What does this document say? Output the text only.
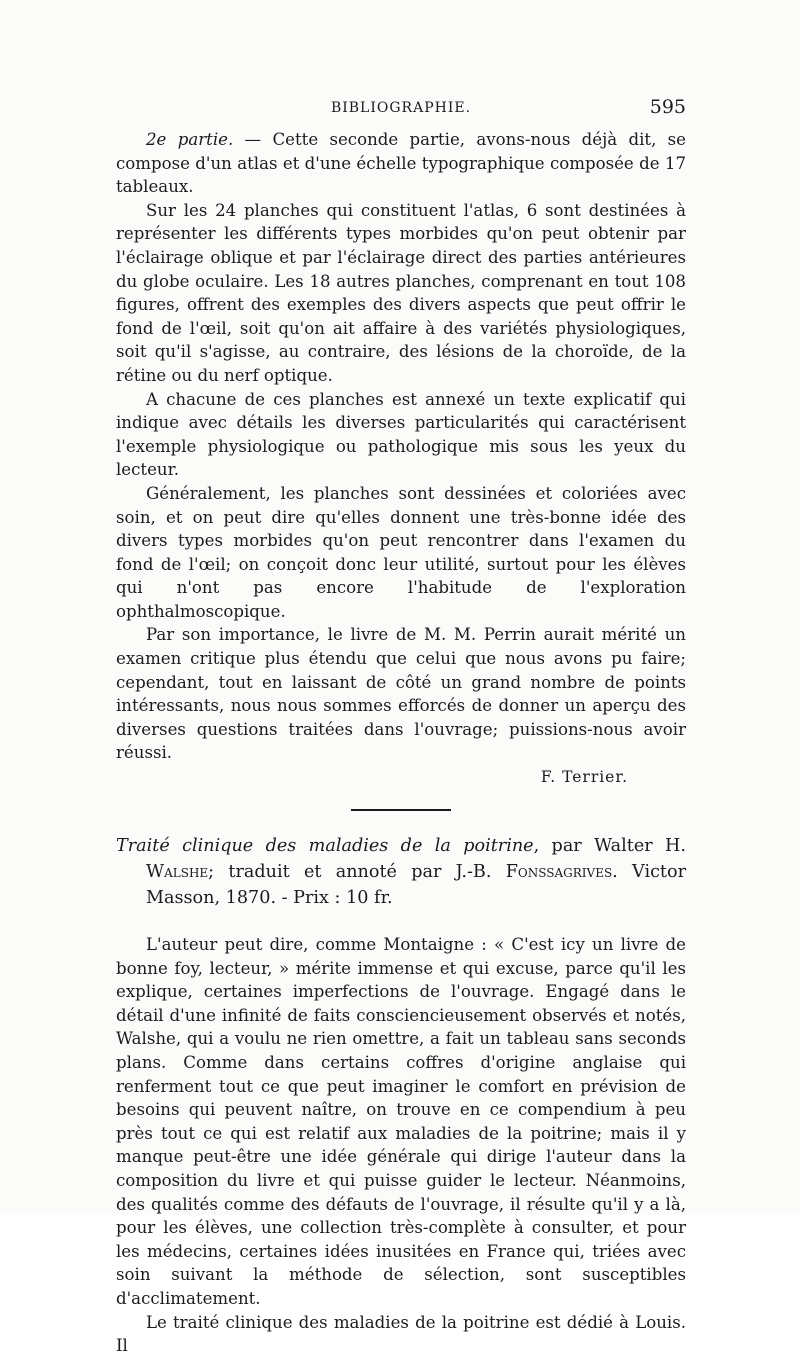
BIBLIOGRAPHIE.	595

2e partie. — Cette seconde partie, avons-nous déjà dit, se compose d'un atlas et d'une échelle typographique composée de 17 tableaux.

Sur les 24 planches qui constituent l'atlas, 6 sont destinées à représenter les différents types morbides qu'on peut obtenir par l'éclairage oblique et par l'éclairage direct des parties antérieures du globe oculaire. Les 18 autres planches, comprenant en tout 108 figures, offrent des exemples des divers aspects que peut offrir le fond de l'œil, soit qu'on ait affaire à des variétés physiologiques, soit qu'il s'agisse, au contraire, des lésions de la choroïde, de la rétine ou du nerf optique.

A chacune de ces planches est annexé un texte explicatif qui indique avec détails les diverses particularités qui caractérisent l'exemple physiologique ou pathologique mis sous les yeux du lecteur.

Généralement, les planches sont dessinées et coloriées avec soin, et on peut dire qu'elles donnent une très-bonne idée des divers types morbides qu'on peut rencontrer dans l'examen du fond de l'œil; on conçoit donc leur utilité, surtout pour les élèves qui n'ont pas encore l'habitude de l'exploration ophthalmoscopique.

Par son importance, le livre de M. M. Perrin aurait mérité un examen critique plus étendu que celui que nous avons pu faire; cependant, tout en laissant de côté un grand nombre de points intéressants, nous nous sommes efforcés de donner un aperçu des diverses questions traitées dans l'ouvrage; puissions-nous avoir réussi.

F. Terrier.

Traité clinique des maladies de la poitrine, par Walter H. Walshe; traduit et annoté par J.-B. Fonssagrives. Victor Masson, 1870. - Prix : 10 fr.

L'auteur peut dire, comme Montaigne : « C'est icy un livre de bonne foy, lecteur, » mérite immense et qui excuse, parce qu'il les explique, certaines imperfections de l'ouvrage. Engagé dans le détail d'une infinité de faits consciencieusement observés et notés, Walshe, qui a voulu ne rien omettre, a fait un tableau sans seconds plans. Comme dans certains coffres d'origine anglaise qui renferment tout ce que peut imaginer le comfort en prévision de besoins qui peuvent naître, on trouve en ce compendium à peu près tout ce qui est relatif aux maladies de la poitrine; mais il y manque peut-être une idée générale qui dirige l'auteur dans la composition du livre et qui puisse guider le lecteur. Néanmoins, des qualités comme des défauts de l'ouvrage, il résulte qu'il y a là, pour les élèves, une collection très-complète à consulter, et pour les médecins, certaines idées inusitées en France qui, triées avec soin suivant la méthode de sélection, sont susceptibles d'acclimatement.

Le traité clinique des maladies de la poitrine est dédié à Louis. Il
